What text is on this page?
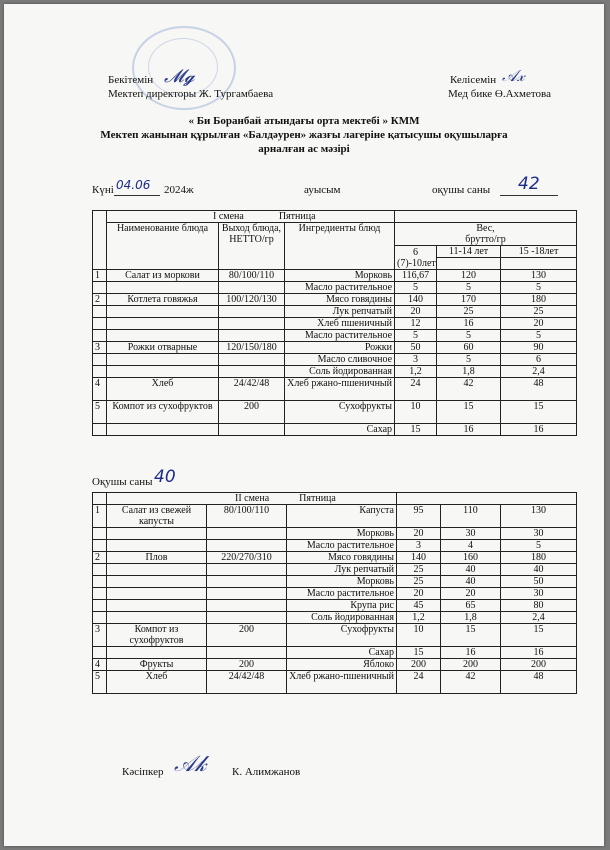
𝓜𝓰	𝒜𝓍
Бекітемін
Мектеп директоры Ж. Тургамбаева
Келісемін
Мед бике Ө.Ахметова
« Би Боранбай атындағы орта мектебі » КММ
Мектеп жанынан құрылған «Балдәурен» жазғы лагеріне қатысушы оқушыларға
арналған ас мәзірі
Күні 04.06 2024ж	ауысым	оқушы саны 42
	I смена Пятница					
	Наименование блюда	Выход блюда, НЕТТО/гр	Ингредиенты блюд	Вес,
брутто/гр		

				6 (7)-10лет	11-14 лет	15 -18лет

1	Салат из моркови	80/100/110	Морковь	116,67	120	130
			Масло растительное	5	5	5
2	Котлета говяжья	100/120/130	Мясо говядины	140	170	180
			Лук репчатый	20	25	25
			Хлеб пшеничный	12	16	20
			Масло растительное	5	5	5
3	Рожки отварные	120/150/180	Рожки	50	60	90
			Масло сливочное	3	5	6
			Соль йодированная	1,2	1,8	2,4
4	Хлеб	24/42/48	Хлеб ржано-пшеничный	24	42	48
5	Компот из сухофруктов	200	Сухофрукты	10	15	15
			Сахар	15	16	16
Оқушы саны 40
	II смена Пятница					
1	Салат из свежей капусты	80/100/110	Капуста	95	110	130
			Морковь	20	30	30
			Масло растительное	3	4	5
2	Плов	220/270/310	Мясо говядины	140	160	180
			Лук репчатый	25	40	40
			Морковь	25	40	50
			Масло растительное	20	20	30
			Крупа рис	45	65	80
			Соль йодированная	1,2	1,8	2,4
3	Компот из сухофруктов	200	Сухофрукты	10	15	15
			Сахар	15	16	16
4	Фрукты	200	Яблоко	200	200	200
5	Хлеб	24/42/48	Хлеб ржано-пшеничный	24	42	48
Кәсіпкер 𝒜𝓀 К. Алимжанов
